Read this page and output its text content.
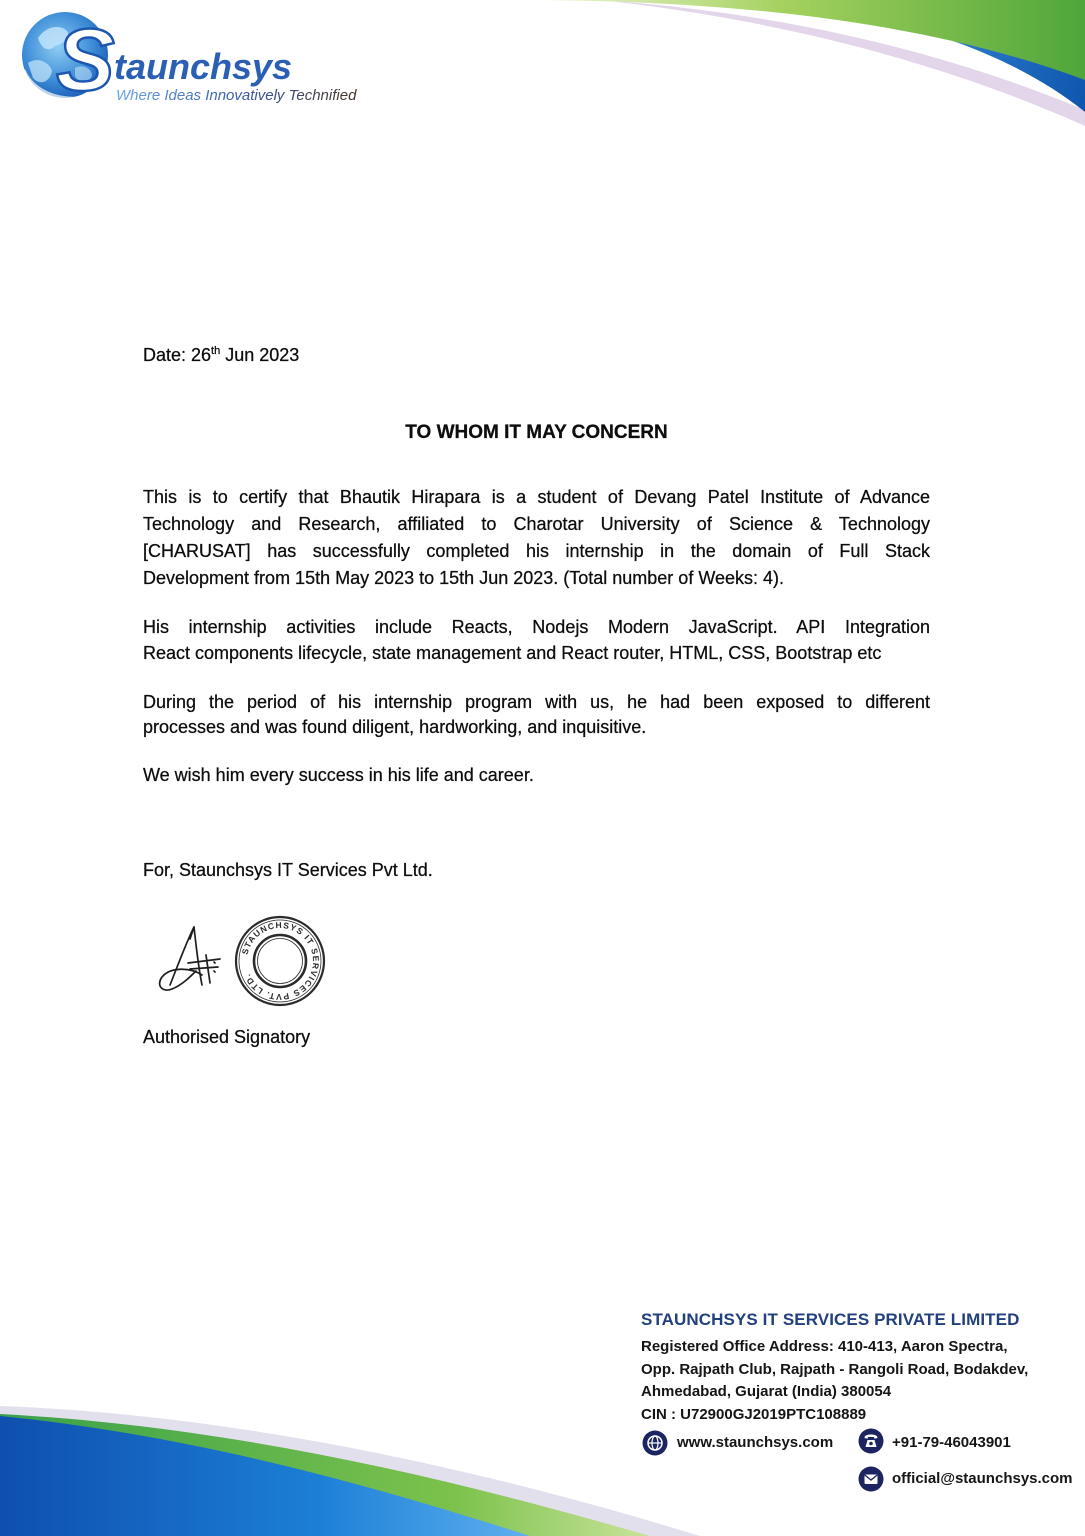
S taunchsys
Where Ideas Innovatively Technified
Date: 26th Jun 2023
TO WHOM IT MAY CONCERN
This is to certify that Bhautik Hirapara is a student of Devang Patel Institute of Advance
Technology and Research, affiliated to Charotar University of Science & Technology
[CHARUSAT] has successfully completed his internship in the domain of Full Stack
Development from 15th May 2023 to 15th Jun 2023. (Total number of Weeks: 4).
His internship activities include Reacts, Nodejs Modern JavaScript. API Integration
React components lifecycle, state management and React router, HTML, CSS, Bootstrap etc
During the period of his internship program with us, he had been exposed to different
processes and was found diligent, hardworking, and inquisitive.
We wish him every success in his life and career.
For, Staunchsys IT Services Pvt Ltd.
STAUNCHSYS IT SERVICES PVT. LTD.
Authorised Signatory
STAUNCHSYS IT SERVICES PRIVATE LIMITED
Registered Office Address: 410-413, Aaron Spectra,
Opp. Rajpath Club, Rajpath - Rangoli Road, Bodakdev,
Ahmedabad, Gujarat (India) 380054
CIN : U72900GJ2019PTC108889
www.staunchsys.com	+91-79-46043901
official@staunchsys.com
